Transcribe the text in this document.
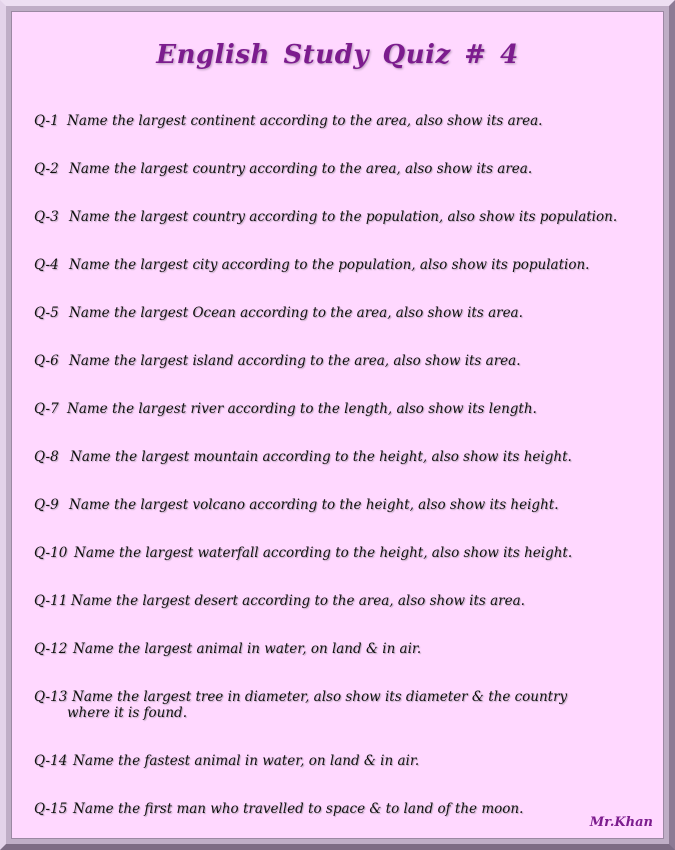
English Study Quiz # 4
Q-1 Name the largest continent according to the area, also show its area.
Q-2 Name the largest country according to the area, also show its area.
Q-3 Name the largest country according to the population, also show its population.
Q-4 Name the largest city according to the population, also show its population.
Q-5 Name the largest Ocean according to the area, also show its area.
Q-6 Name the largest island according to the area, also show its area.
Q-7 Name the largest river according to the length, also show its length.
Q-8 Name the largest mountain according to the height, also show its height.
Q-9 Name the largest volcano according to the height, also show its height.
Q-10 Name the largest waterfall according to the height, also show its height.
Q-11 Name the largest desert according to the area, also show its area.
Q-12 Name the largest animal in water, on land & in air.
Q-13 Name the largest tree in diameter, also show its diameter & the country
where it is found.
Q-14 Name the fastest animal in water, on land & in air.
Q-15 Name the first man who travelled to space & to land of the moon.
Mr.Khan
